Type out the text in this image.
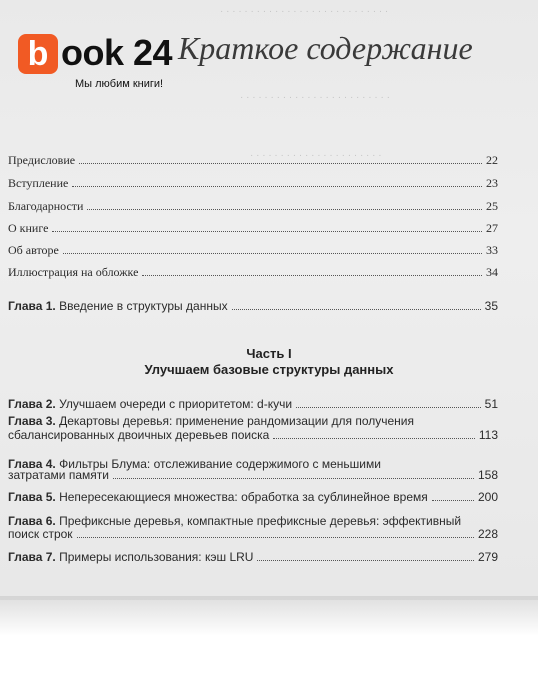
· · · · · · · · · · · · · · · · · · · · · · · · · · · ·
· · · · · · · · · · · · · · · · · · · · · · · · ·
· · · · · · · · · · · · · · · · · · · · · ·
b ook 24
Мы любим книги!
Краткое содержание
Предисловие	22
Вступление	23
Благодарности	25
О книге	27
Об авторе	33
Иллюстрация на обложке	34
Глава 1. Введение в структуры данных	35
Часть I
Улучшаем базовые структуры данных
Глава 2. Улучшаем очереди с приоритетом: d-кучи	51
Глава 3. Декартовы деревья: применение рандомизации для получения
сбалансированных двоичных деревьев поиска	113
Глава 4. Фильтры Блума: отслеживание содержимого с меньшими
затратами памяти	158
Глава 5. Непересекающиеся множества: обработка за сублинейное время	200
Глава 6. Префиксные деревья, компактные префиксные деревья: эффективный
поиск строк	228
Глава 7. Примеры использования: кэш LRU	279
